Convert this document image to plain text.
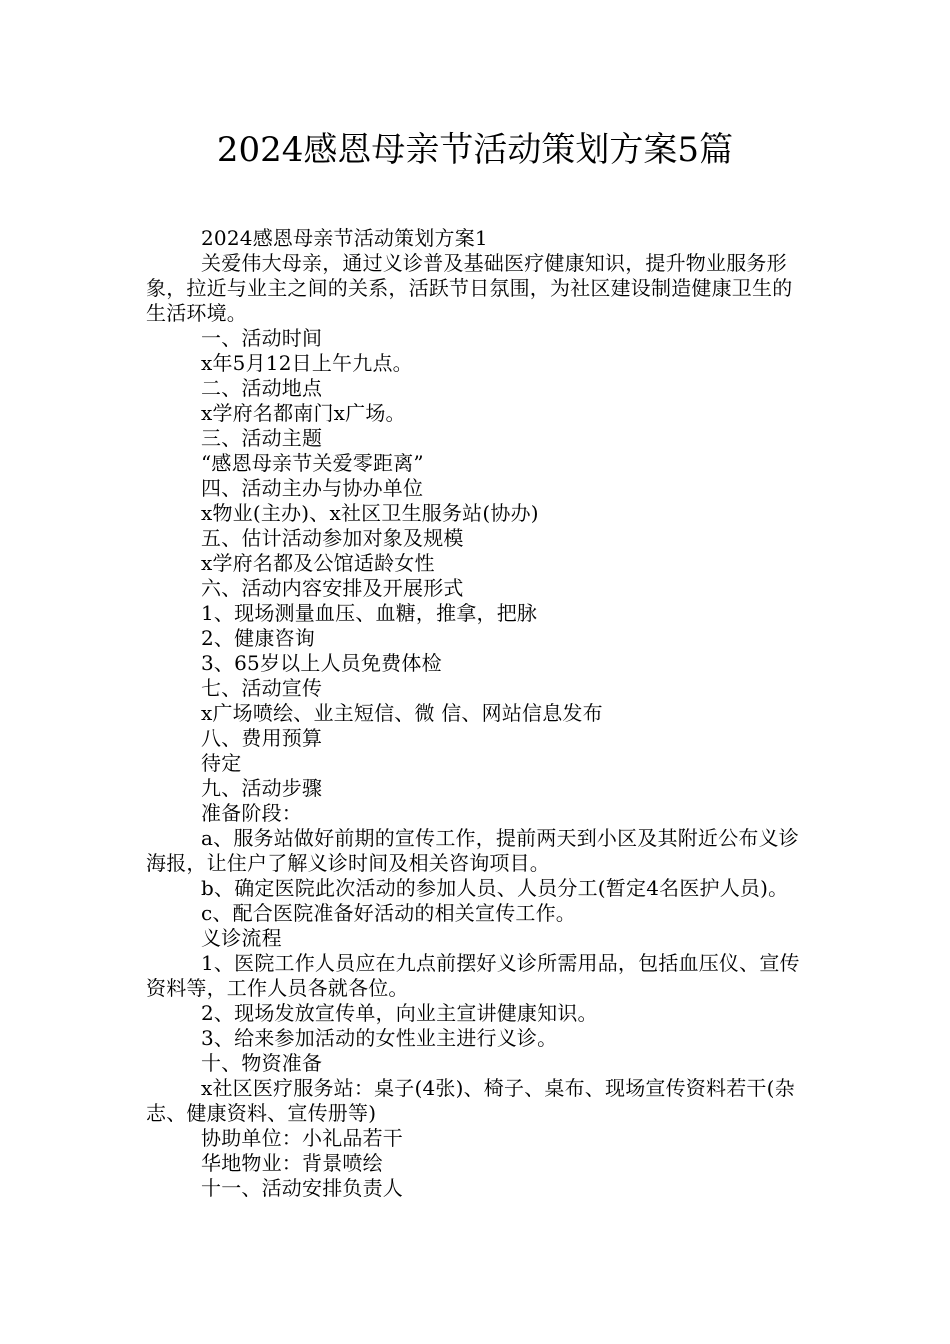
2024感恩母亲节活动策划方案5篇

2024感恩母亲节活动策划方案1

关爱伟大母亲，通过义诊普及基础医疗健康知识，提升物业服务形象，拉近与业主之间的关系，活跃节日氛围，为社区建设制造健康卫生的生活环境。

一、活动时间

x年5月12日上午九点。

二、活动地点

x学府名都南门x广场。

三、活动主题

“感恩母亲节关爱零距离”

四、活动主办与协办单位

x物业(主办)、x社区卫生服务站(协办)

五、估计活动参加对象及规模

x学府名都及公馆适龄女性

六、活动内容安排及开展形式

1、现场测量血压、血糖，推拿，把脉

2、健康咨询

3、65岁以上人员免费体检

七、活动宣传

x广场喷绘、业主短信、微 信、网站信息发布

八、费用预算

待定

九、活动步骤

准备阶段：

a、服务站做好前期的宣传工作，提前两天到小区及其附近公布义诊海报，让住户了解义诊时间及相关咨询项目。

b、确定医院此次活动的参加人员、人员分工(暂定4名医护人员)。

c、配合医院准备好活动的相关宣传工作。

义诊流程

1、医院工作人员应在九点前摆好义诊所需用品，包括血压仪、宣传资料等，工作人员各就各位。

2、现场发放宣传单，向业主宣讲健康知识。

3、给来参加活动的女性业主进行义诊。

十、物资准备

x社区医疗服务站：桌子(4张)、椅子、桌布、现场宣传资料若干(杂志、健康资料、宣传册等)

协助单位：小礼品若干

华地物业：背景喷绘

十一、活动安排负责人
